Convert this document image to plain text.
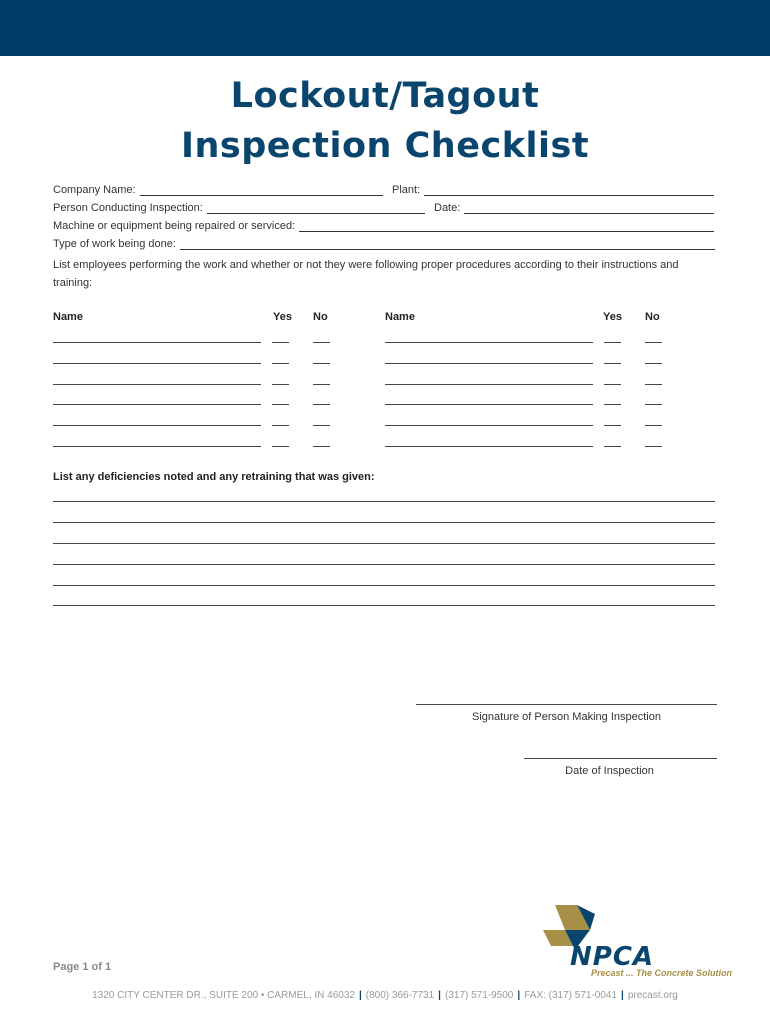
Lockout/Tagout
Inspection Checklist
Company Name:	Plant:
Person Conducting Inspection:	Date:
Machine or equipment being repaired or serviced:
Type of work being done:
List employees performing the work and whether or not they were following proper procedures according to their instructions and training:
Name	Yes No	Name	Yes No
List any deficiencies noted and any retraining that was given:
Signature of Person Making Inspection
Date of Inspection
NPCA
Precast ... The Concrete Solution
Page 1 of 1
1320 CITY CENTER DR., SUITE 200 • CARMEL, IN 46032 | (800) 366-7731 | (317) 571-9500 | FAX: (317) 571-0041 | precast.org
